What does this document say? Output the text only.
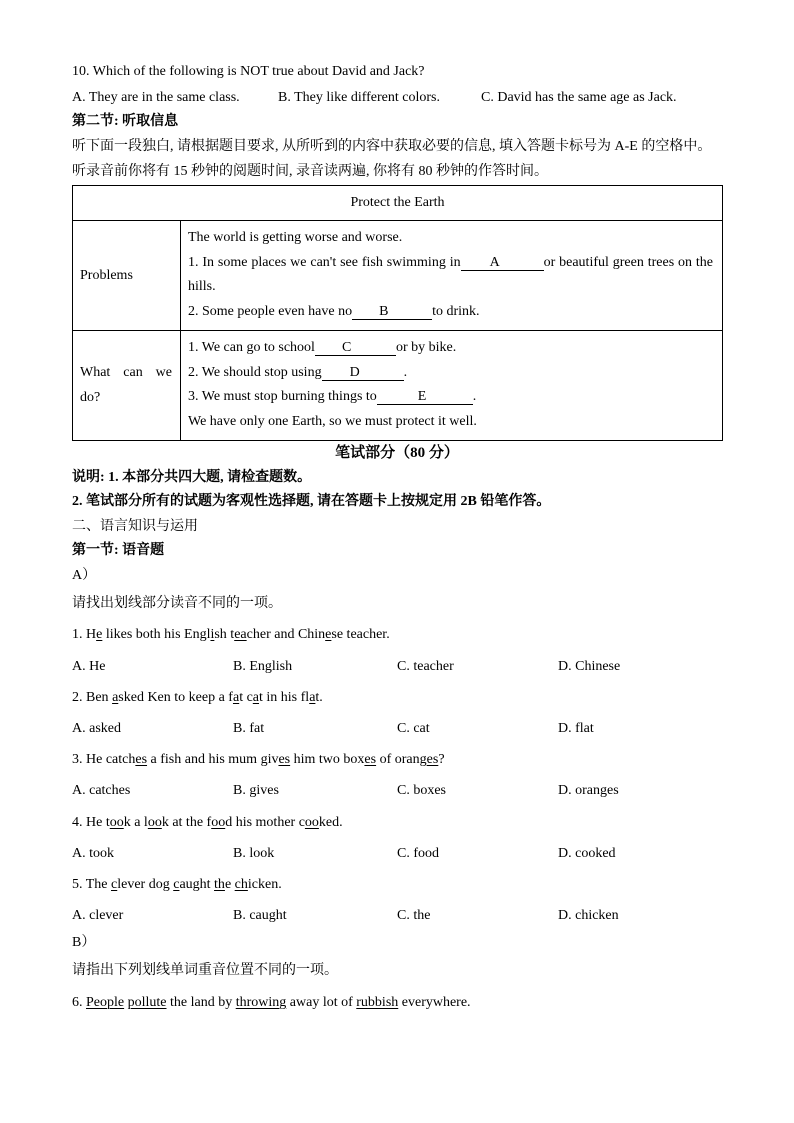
10. Which of the following is NOT true about David and Jack?
A. They are in the same class.	B. They like different colors.	C. David has the same age as Jack.
第二节: 听取信息
听下面一段独白, 请根据题目要求, 从所听到的内容中获取必要的信息, 填入答题卡标号为 A-E 的空格中。
听录音前你将有 15 秒钟的阅题时间, 录音读两遍, 你将有 80 秒钟的作答时间。
Protect the Earth
Problems
The world is getting worse and worse.
1. In some places we can't see fish swimming in A	or beautiful green trees on the hills.
2. Some people even have no B	to drink.
What can we do?
1. We can go to school C	or by bike.
2. We should stop using D	.
3. We must stop burning things to	E	.
We have only one Earth, so we must protect it well.
笔试部分（80 分）
说明: 1. 本部分共四大题, 请检查题数。
2. 笔试部分所有的试题为客观性选择题, 请在答题卡上按规定用 2B 铅笔作答。
二、语言知识与运用
第一节: 语音题
A）
请找出划线部分读音不同的一项。
1. He likes both his English teacher and Chinese teacher.
A. He	B. English	C. teacher	D. Chinese
2. Ben asked Ken to keep a fat cat in his flat.
A. asked	B. fat	C. cat	D. flat
3. He catches a fish and his mum gives him two boxes of oranges?
A. catches	B. gives	C. boxes	D. oranges
4. He took a look at the food his mother cooked.
A. took	B. look	C. food	D. cooked
5. The clever dog caught the chicken.
A. clever	B. caught	C. the	D. chicken
B）
请指出下列划线单词重音位置不同的一项。
6. People pollute the land by throwing away lot of rubbish everywhere.
